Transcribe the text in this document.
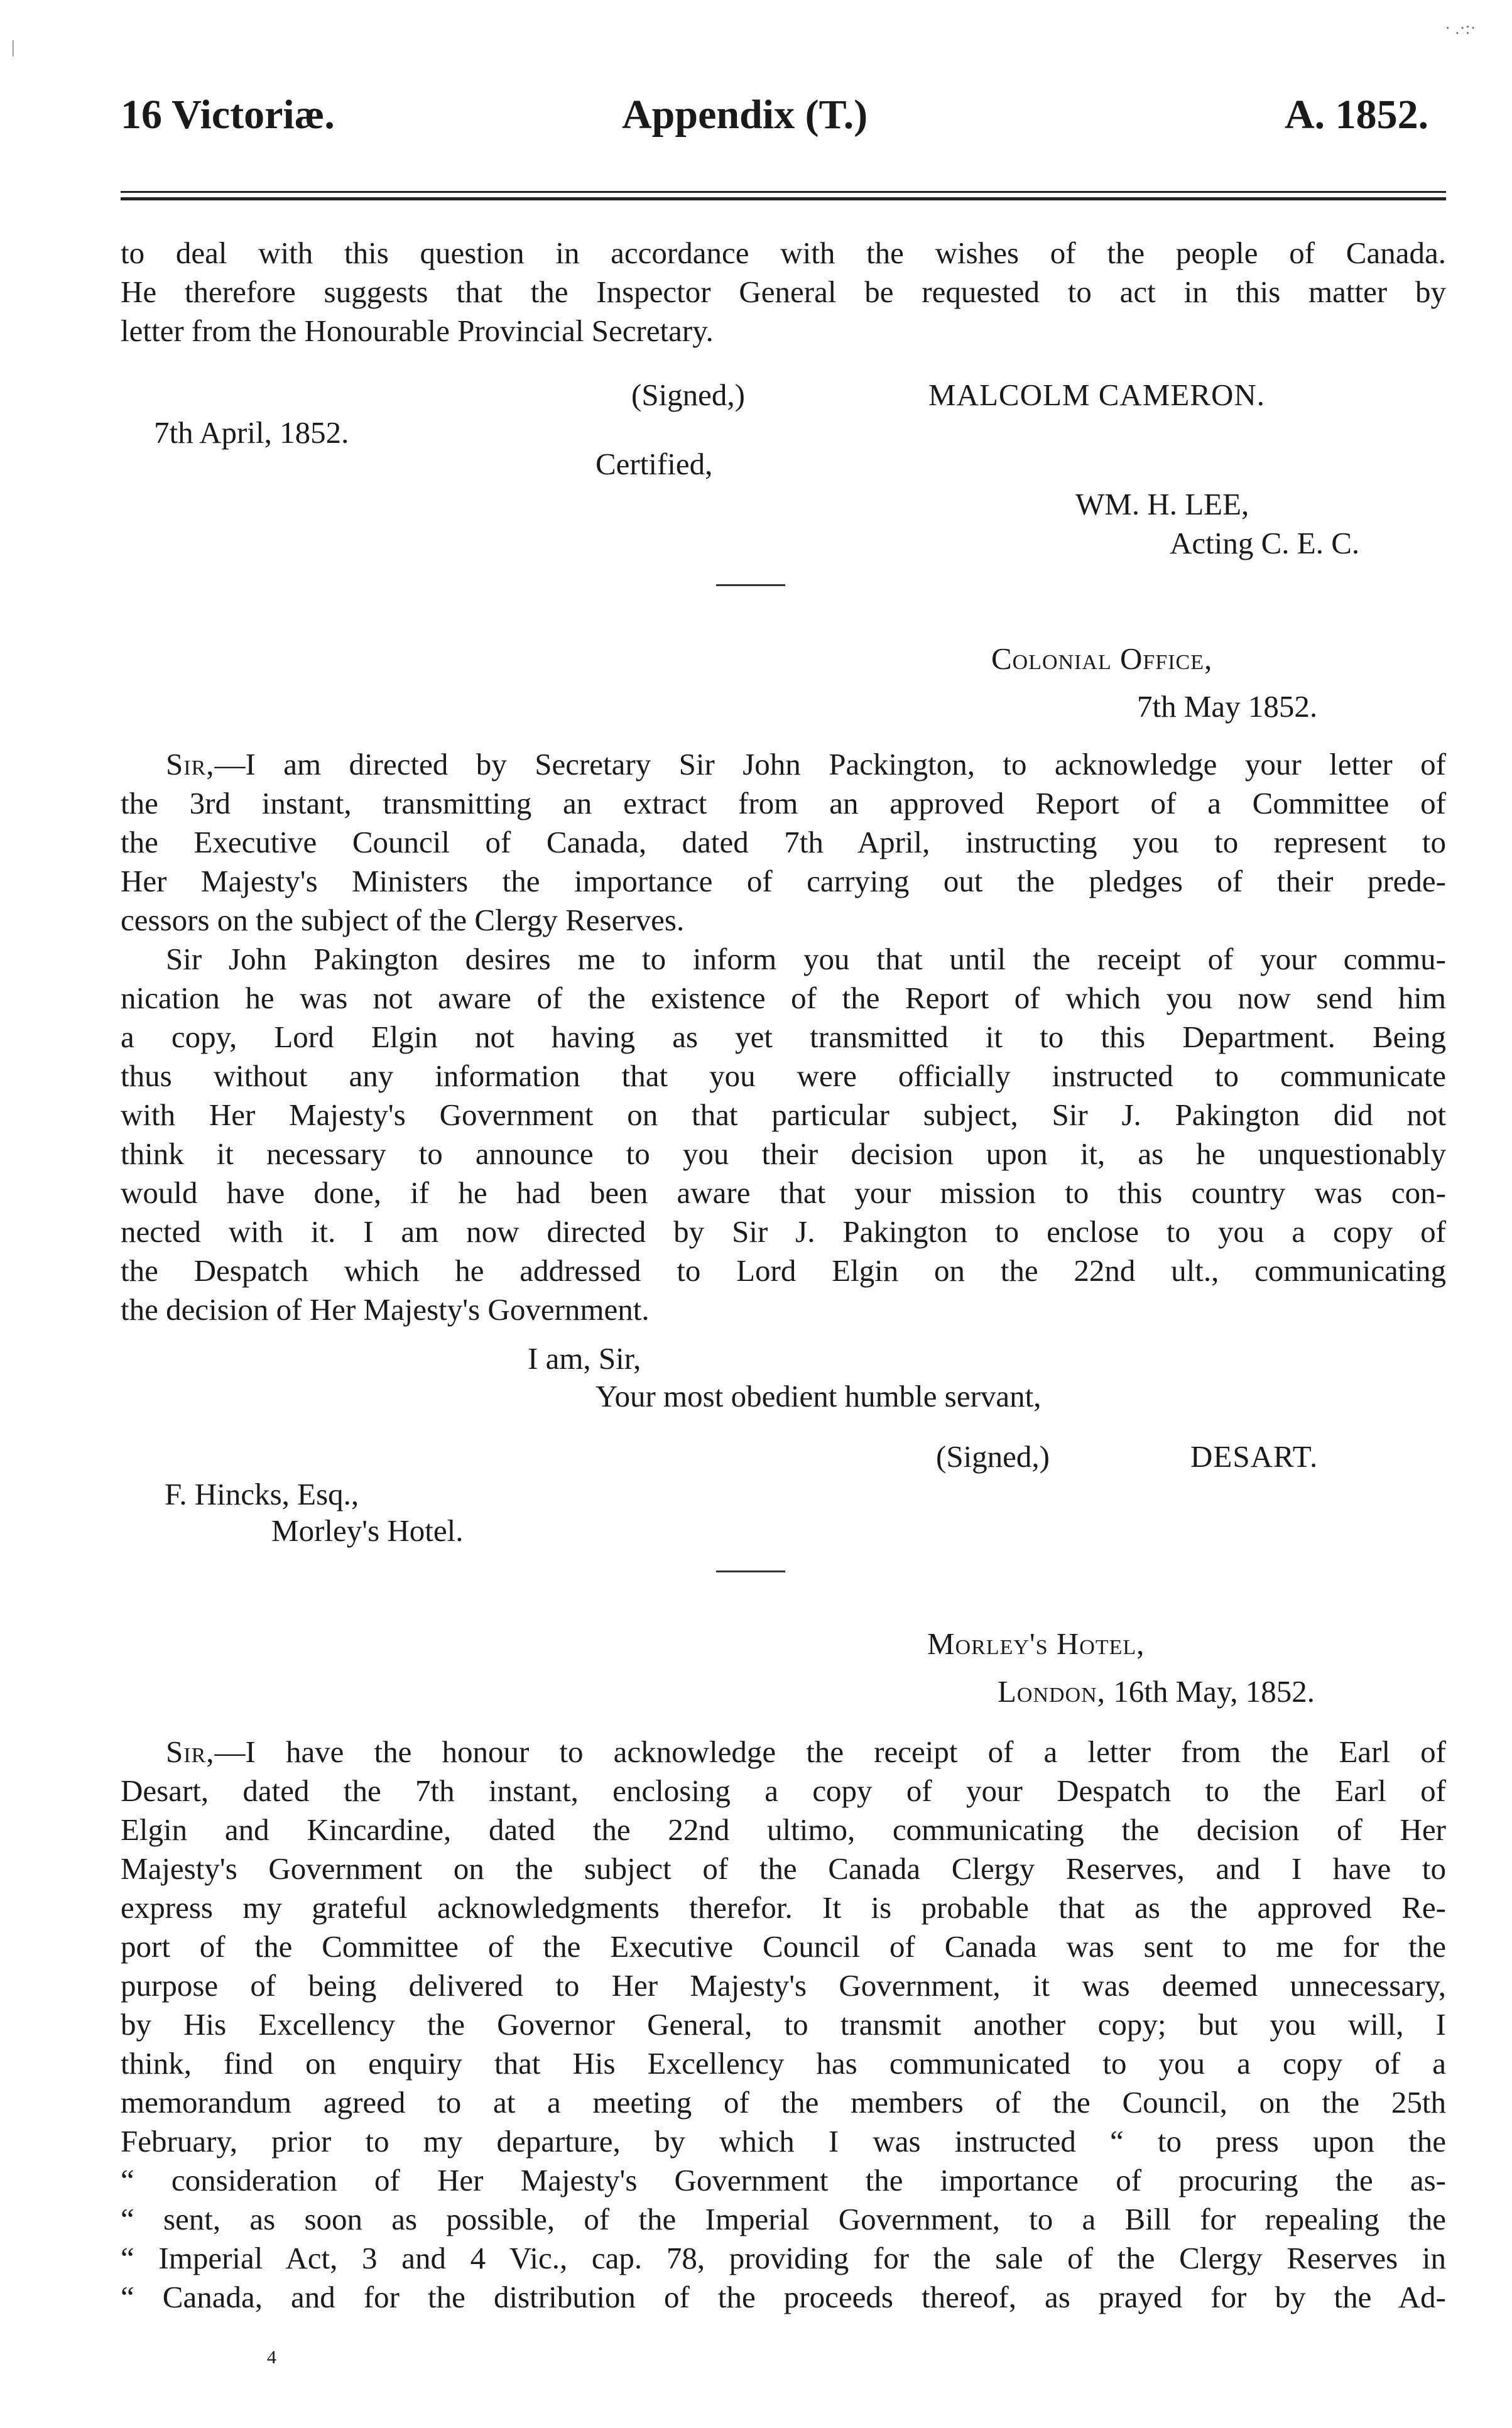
16 Victoriæ.	Appendix (T.)	A. 1852.
to deal with this question in accordance with the wishes of the people of Canada.
He therefore suggests that the Inspector General be requested to act in this matter by
letter from the Honourable Provincial Secretary.
(Signed,)	MALCOLM CAMERON.
7th April, 1852.
Certified,
WM. H. LEE,
Acting C. E. C.
Colonial Office,
7th May 1852.
Sir,—I am directed by Secretary Sir John Packington, to acknowledge your letter of
the 3rd instant, transmitting an extract from an approved Report of a Committee of
the Executive Council of Canada, dated 7th April, instructing you to represent to
Her Majesty's Ministers the importance of carrying out the pledges of their prede-
cessors on the subject of the Clergy Reserves.
Sir John Pakington desires me to inform you that until the receipt of your commu-
nication he was not aware of the existence of the Report of which you now send him
a copy, Lord Elgin not having as yet transmitted it to this Department. Being
thus without any information that you were officially instructed to communicate
with Her Majesty's Government on that particular subject, Sir J. Pakington did not
think it necessary to announce to you their decision upon it, as he unquestionably
would have done, if he had been aware that your mission to this country was con-
nected with it. I am now directed by Sir J. Pakington to enclose to you a copy of
the Despatch which he addressed to Lord Elgin on the 22nd ult., communicating
the decision of Her Majesty's Government.
I am, Sir,
Your most obedient humble servant,
(Signed,)	DESART.
F. Hincks, Esq.,
Morley's Hotel.
Morley's Hotel,
London, 16th May, 1852.
Sir,—I have the honour to acknowledge the receipt of a letter from the Earl of
Desart, dated the 7th instant, enclosing a copy of your Despatch to the Earl of
Elgin and Kincardine, dated the 22nd ultimo, communicating the decision of Her
Majesty's Government on the subject of the Canada Clergy Reserves, and I have to
express my grateful acknowledgments therefor. It is probable that as the approved Re-
port of the Committee of the Executive Council of Canada was sent to me for the
purpose of being delivered to Her Majesty's Government, it was deemed unnecessary,
by His Excellency the Governor General, to transmit another copy; but you will, I
think, find on enquiry that His Excellency has communicated to you a copy of a
memorandum agreed to at a meeting of the members of the Council, on the 25th
February, prior to my departure, by which I was instructed “ to press upon the
“ consideration of Her Majesty's Government the importance of procuring the as-
“ sent, as soon as possible, of the Imperial Government, to a Bill for repealing the
“ Imperial Act, 3 and 4 Vic., cap. 78, providing for the sale of the Clergy Reserves in
“ Canada, and for the distribution of the proceeds thereof, as prayed for by the Ad-
4
· .·:·
|
